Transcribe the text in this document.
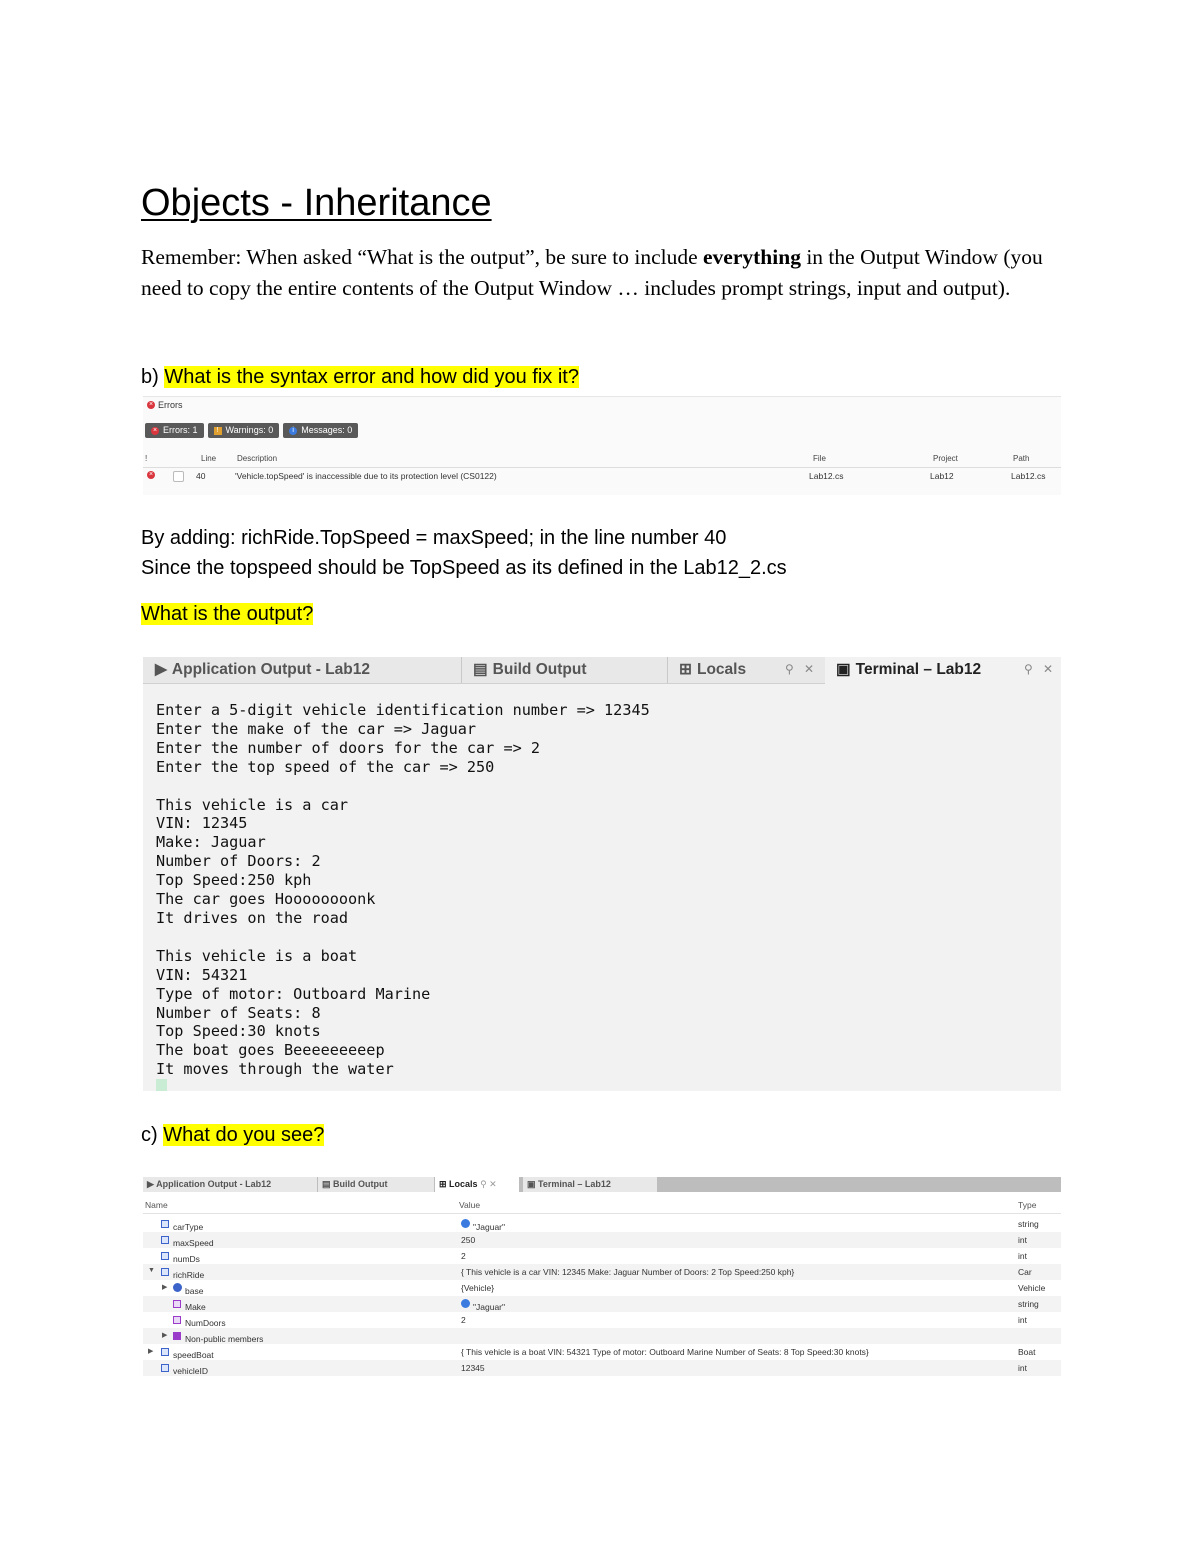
Objects - Inheritance
Remember: When asked “What is the output”, be sure to include everything in the Output Window (you need to copy the entire contents of the Output Window … includes prompt strings, input and output).
b) What is the syntax error and how did you fix it?
× Errors
× Errors: 1	! Warnings: 0	i Messages: 0
!	Line	Description	File	Project	Path
×	40	'Vehicle.topSpeed' is inaccessible due to its protection level (CS0122)	Lab12.cs	Lab12	Lab12.cs
By adding: richRide.TopSpeed = maxSpeed; in the line number 40
Since the topspeed should be TopSpeed as its defined in the Lab12_2.cs
What is the output?
▶ Application Output - Lab12	▤ Build Output	⊞ Locals	⚲ ✕ ▣ Terminal – Lab12	⚲ ✕
Enter a 5-digit vehicle identification number => 12345
Enter the make of the car => Jaguar
Enter the number of doors for the car => 2
Enter the top speed of the car => 250

This vehicle is a car
VIN: 12345
Make: Jaguar
Number of Doors: 2
Top Speed:250 kph
The car goes Hoooooooonk
It drives on the road

This vehicle is a boat
VIN: 54321
Type of motor: Outboard Marine
Number of Seats: 8
Top Speed:30 knots
The boat goes Beeeeeeeeep
It moves through the water
c) What do you see?
▶ Application Output - Lab12	▤ Build Output	⊞ Locals ⚲ ✕	▣ Terminal – Lab12
Name	Value	Type
carType	"Jaguar"	string
maxSpeed	250	int
numDs	2	int
▼ richRide	{ This vehicle is a car VIN: 12345 Make: Jaguar Number of Doors: 2 Top Speed:250 kph}	Car
▶ base	{Vehicle}	Vehicle
Make	"Jaguar"	string
NumDoors	2	int
▶ Non-public members
▶ speedBoat	{ This vehicle is a boat VIN: 54321 Type of motor: Outboard Marine Number of Seats: 8 Top Speed:30 knots}	Boat
vehicleID	12345	int
